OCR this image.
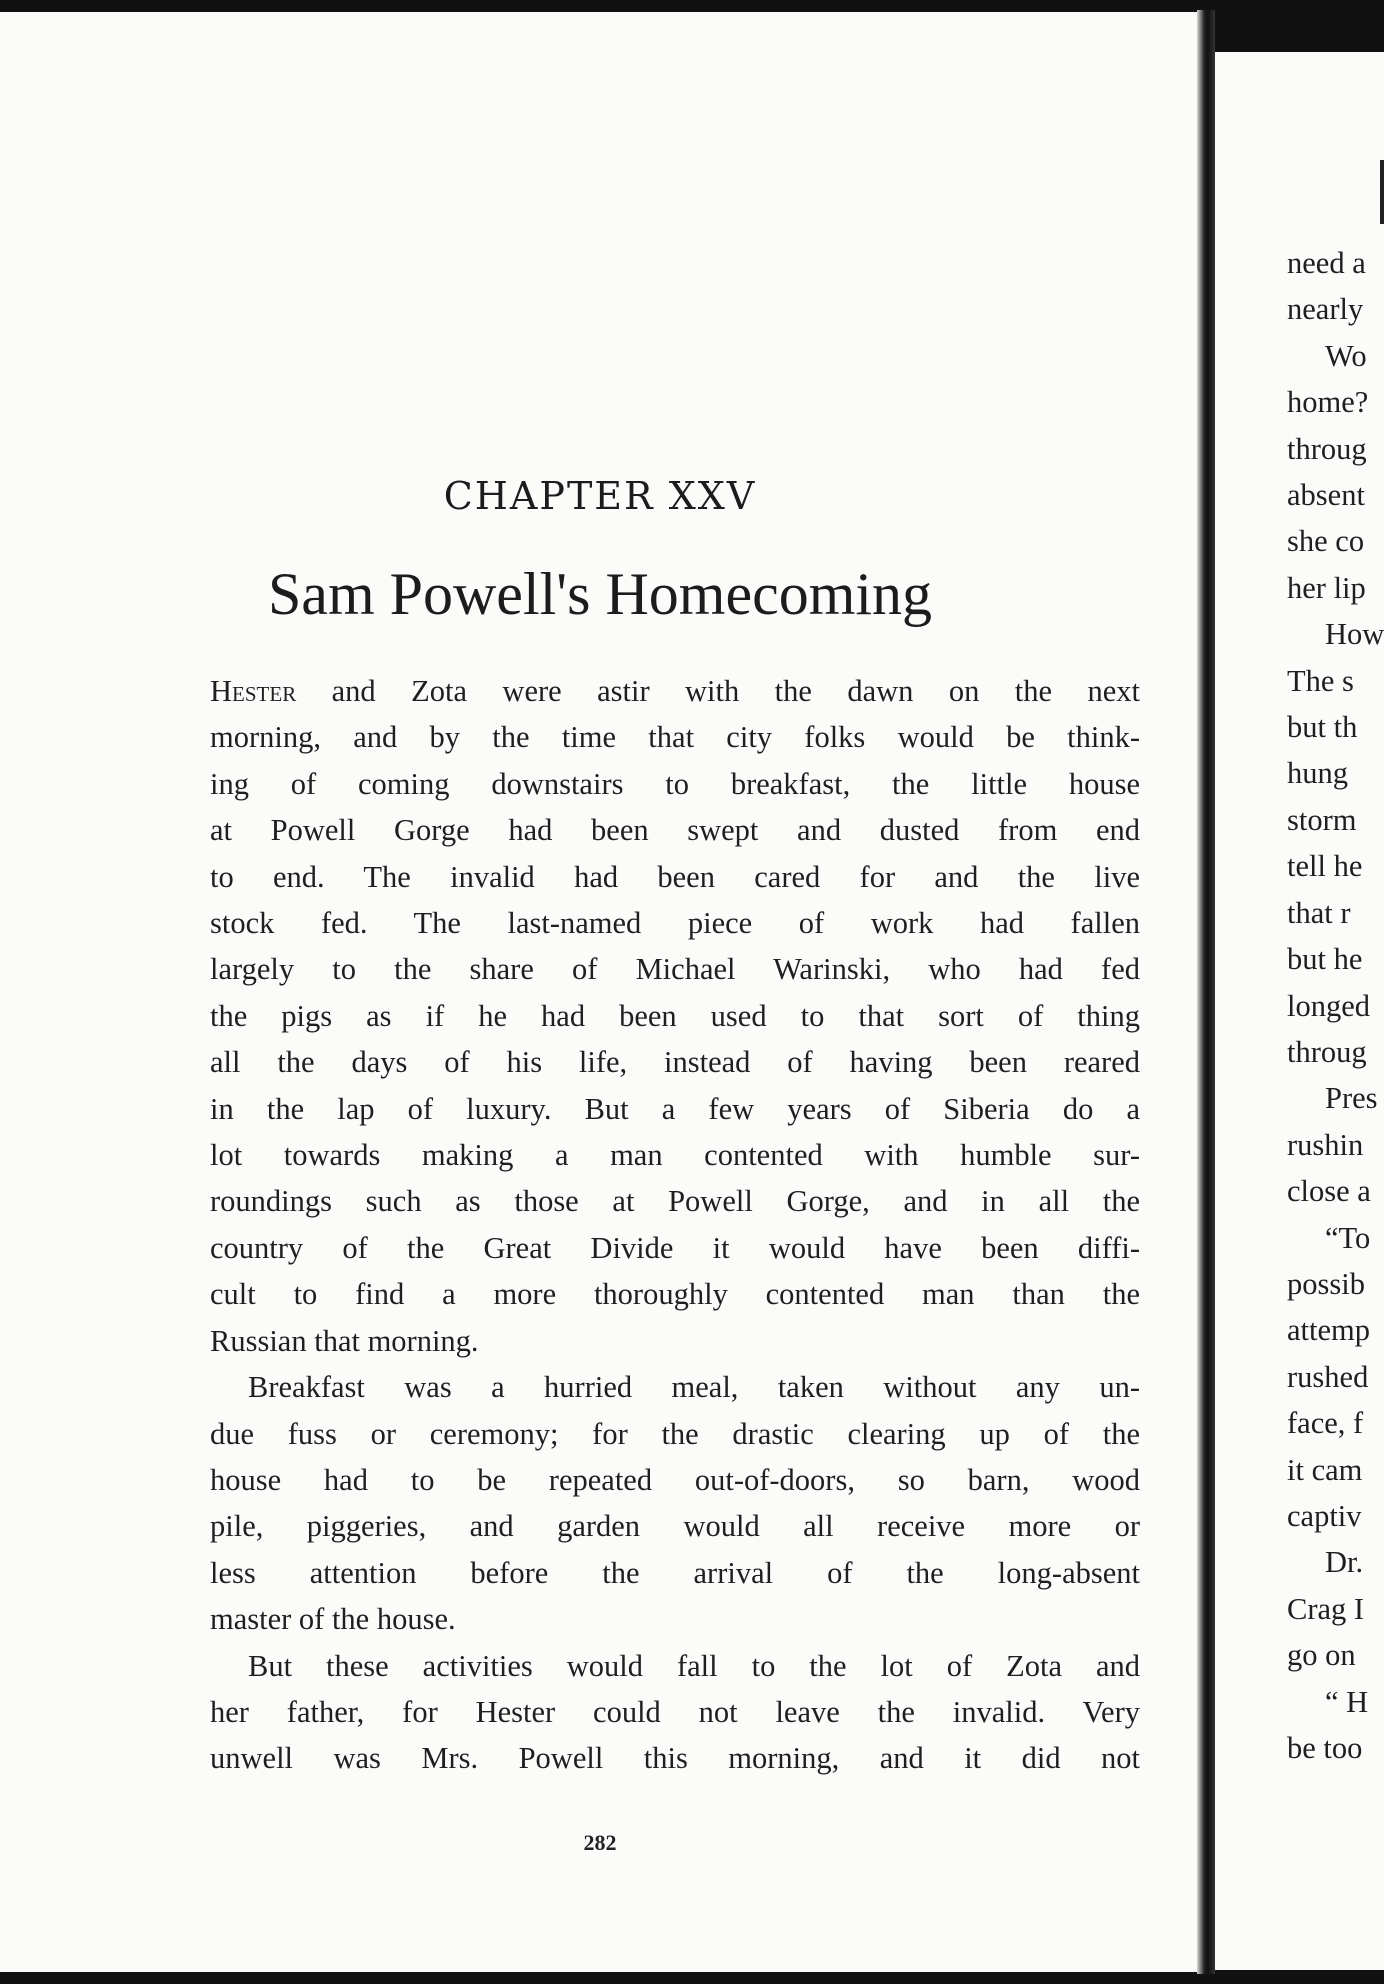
CHAPTER XXV
Sam Powell's Homecoming

Hester and Zota were astir with the dawn on the next

morning, and by the time that city folks would be think-

ing of coming downstairs to breakfast, the little house

at Powell Gorge had been swept and dusted from end

to end. The invalid had been cared for and the live

stock fed. The last-named piece of work had fallen

largely to the share of Michael Warinski, who had fed

the pigs as if he had been used to that sort of thing

all the days of his life, instead of having been reared

in the lap of luxury. But a few years of Siberia do a

lot towards making a man contented with humble sur-

roundings such as those at Powell Gorge, and in all the

country of the Great Divide it would have been diffi-

cult to find a more thoroughly contented man than the

Russian that morning.

Breakfast was a hurried meal, taken without any un-

due fuss or ceremony; for the drastic clearing up of the

house had to be repeated out-of-doors, so barn, wood

pile, piggeries, and garden would all receive more or

less attention before the arrival of the long-absent

master of the house.

But these activities would fall to the lot of Zota and

her father, for Hester could not leave the invalid. Very

unwell was Mrs. Powell this morning, and it did not

282
need a
nearly
Wo
home?
throug
absent
she co
her lip
How
The s
but th
hung
storm
tell he
that r
but he
longed
throug
Pres
rushin
close a
“To
possib
attemp
rushed
face, f
it cam
captiv
Dr.
Crag I
go on
“ H
be too
